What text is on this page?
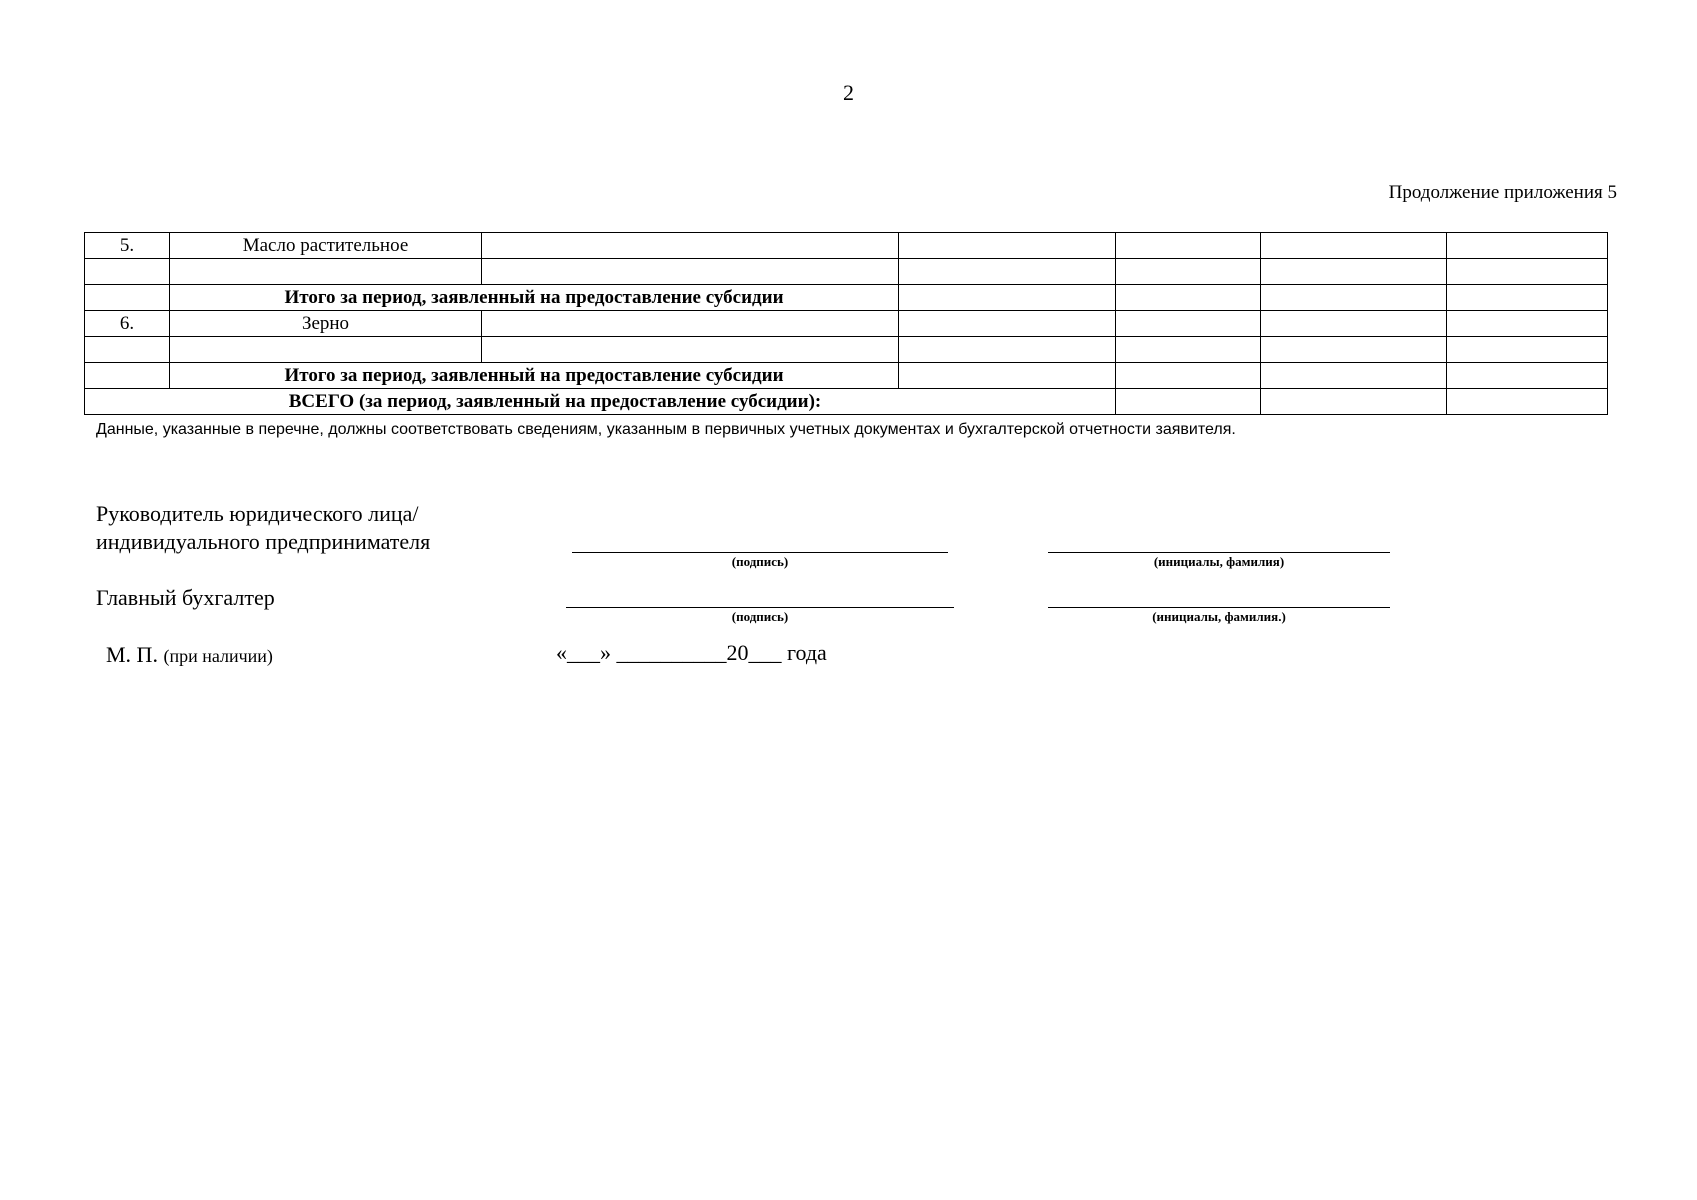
2
Продолжение приложения 5
5.	Масло растительное					

	Итого за период, заявленный на предоставление субсидии					
6.	Зерно					

	Итого за период, заявленный на предоставление субсидии					
ВСЕГО (за период, заявленный на предоставление субсидии):						
Данные, указанные в перечне, должны соответствовать сведениям, указанным в первичных учетных документах и бухгалтерской отчетности заявителя.
Руководитель юридического лица/
индивидуального предпринимателя
(подпись)	(инициалы, фамилия)
Главный бухгалтер
(подпись)	(инициалы, фамилия.)
М. П. (при наличии)	«___» __________20___ года
